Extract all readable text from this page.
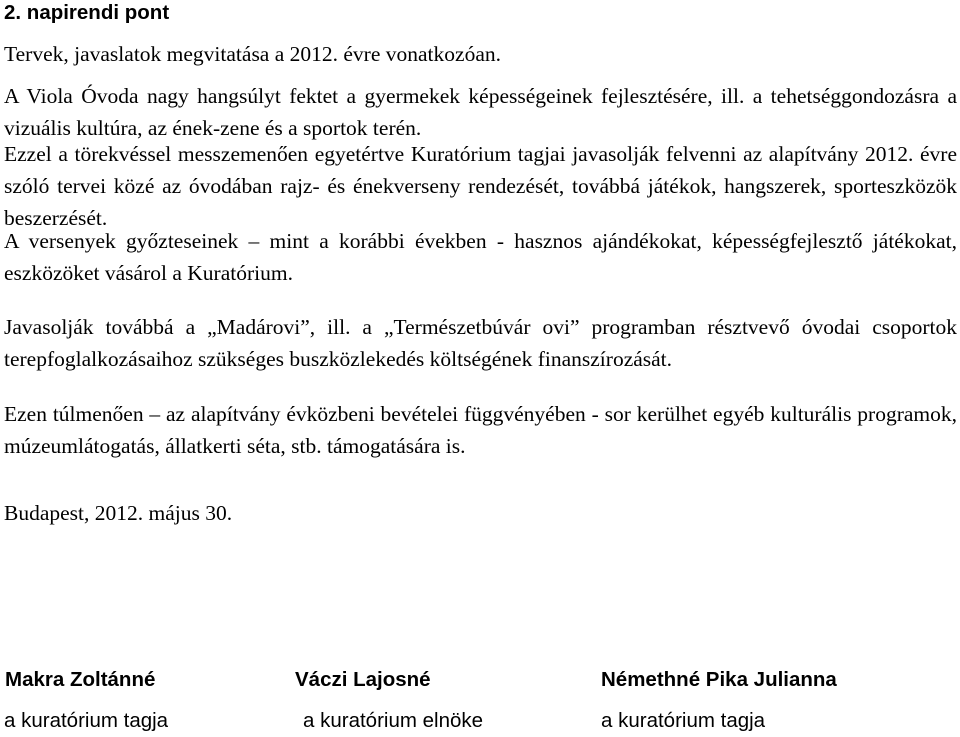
2. napirendi pont

Tervek, javaslatok megvitatása a 2012. évre vonatkozóan.

A Viola Óvoda nagy hangsúlyt fektet a gyermekek képességeinek fejlesztésére, ill. a tehetséggondozásra a vizuális kultúra, az ének-zene és a sportok terén.

Ezzel a törekvéssel messzemenően egyetértve Kuratórium tagjai javasolják felvenni az alapítvány 2012. évre szóló tervei közé az óvodában rajz- és énekverseny rendezését, továbbá játékok, hangszerek, sporteszközök beszerzését.

A versenyek győzteseinek – mint a korábbi években - hasznos ajándékokat, képességfejlesztő játékokat, eszközöket vásárol a Kuratórium.

Javasolják továbbá a „Madárovi”, ill. a „Természetbúvár ovi” programban résztvevő óvodai csoportok terepfoglalkozásaihoz szükséges buszközlekedés költségének finanszírozását.

Ezen túlmenően – az alapítvány évközbeni bevételei függvényében - sor kerülhet egyéb kulturális programok, múzeumlátogatás, állatkerti séta, stb. támogatására is.

Budapest, 2012. május 30.

Makra Zoltánné	Váczi Lajosné	Némethné Pika Julianna
a kuratórium tagja	a kuratórium elnöke	a kuratórium tagja
